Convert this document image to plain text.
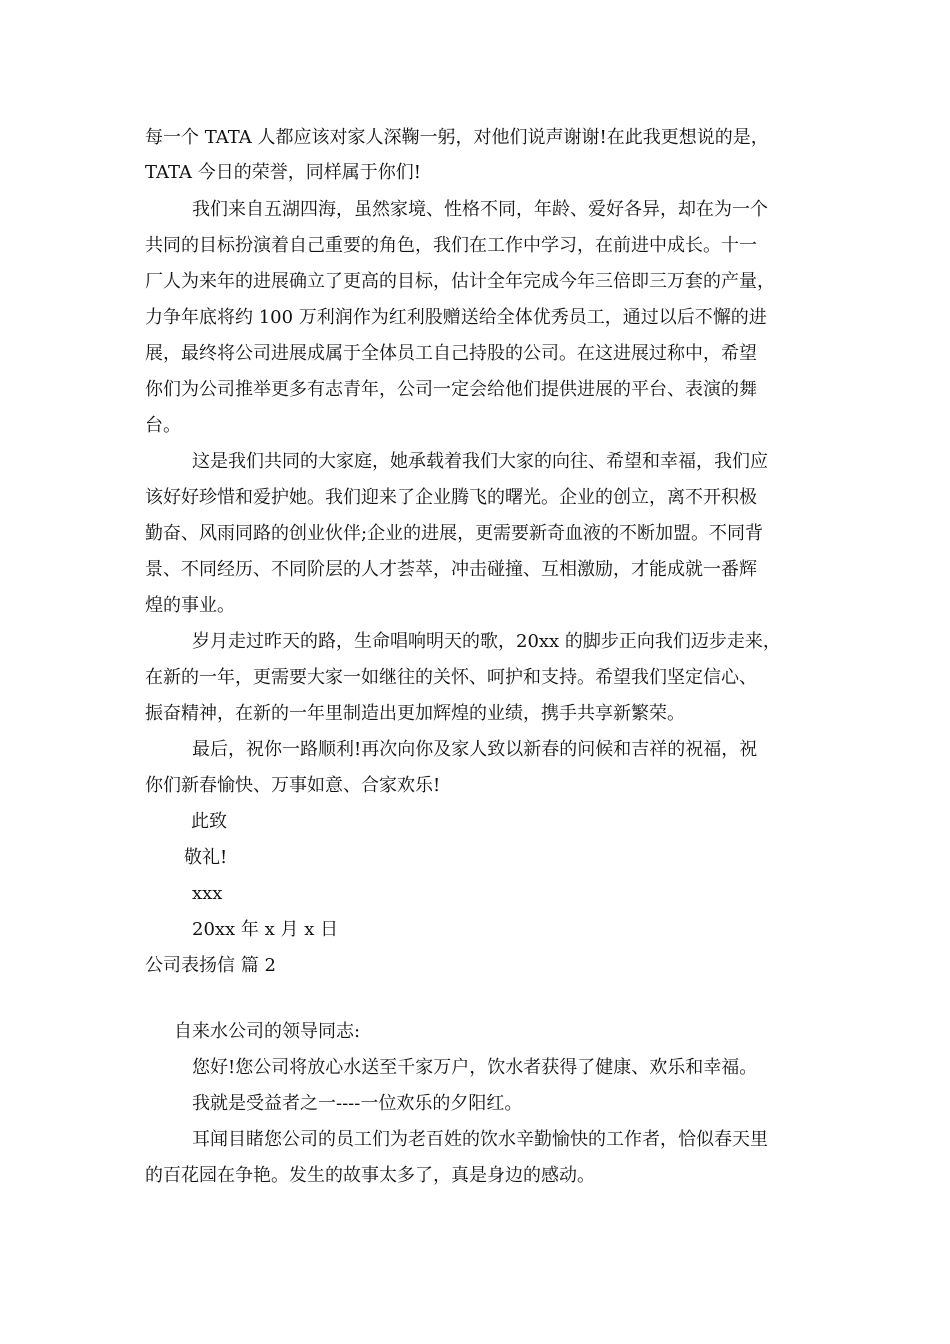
每一个 TATA 人都应该对家人深鞠一躬，对他们说声谢谢!在此我更想说的是，
TATA 今日的荣誉，同样属于你们!
我们来自五湖四海，虽然家境、性格不同，年龄、爱好各异，却在为一个
共同的目标扮演着自己重要的角色，我们在工作中学习，在前进中成长。十一
厂人为来年的进展确立了更高的目标，估计全年完成今年三倍即三万套的产量，
力争年底将约 100 万利润作为红利股赠送给全体优秀员工，通过以后不懈的进
展，最终将公司进展成属于全体员工自己持股的公司。在这进展过称中，希望
你们为公司推举更多有志青年，公司一定会给他们提供进展的平台、表演的舞
台。
这是我们共同的大家庭，她承载着我们大家的向往、希望和幸福，我们应
该好好珍惜和爱护她。我们迎来了企业腾飞的曙光。企业的创立，离不开积极
勤奋、风雨同路的创业伙伴;企业的进展，更需要新奇血液的不断加盟。不同背
景、不同经历、不同阶层的人才荟萃，冲击碰撞、互相激励，才能成就一番辉
煌的事业。
岁月走过昨天的路，生命唱响明天的歌，20xx 的脚步正向我们迈步走来，
在新的一年，更需要大家一如继往的关怀、呵护和支持。希望我们坚定信心、
振奋精神，在新的一年里制造出更加辉煌的业绩，携手共享新繁荣。
最后，祝你一路顺利!再次向你及家人致以新春的问候和吉祥的祝福，祝
你们新春愉快、万事如意、合家欢乐!
此致
敬礼!
xxx
20xx 年 x 月 x 日
公司表扬信 篇 2
自来水公司的领导同志:
您好!您公司将放心水送至千家万户，饮水者获得了健康、欢乐和幸福。
我就是受益者之一----一位欢乐的夕阳红。
耳闻目睹您公司的员工们为老百姓的饮水辛勤愉快的工作者，恰似春天里
的百花园在争艳。发生的故事太多了，真是身边的感动。
